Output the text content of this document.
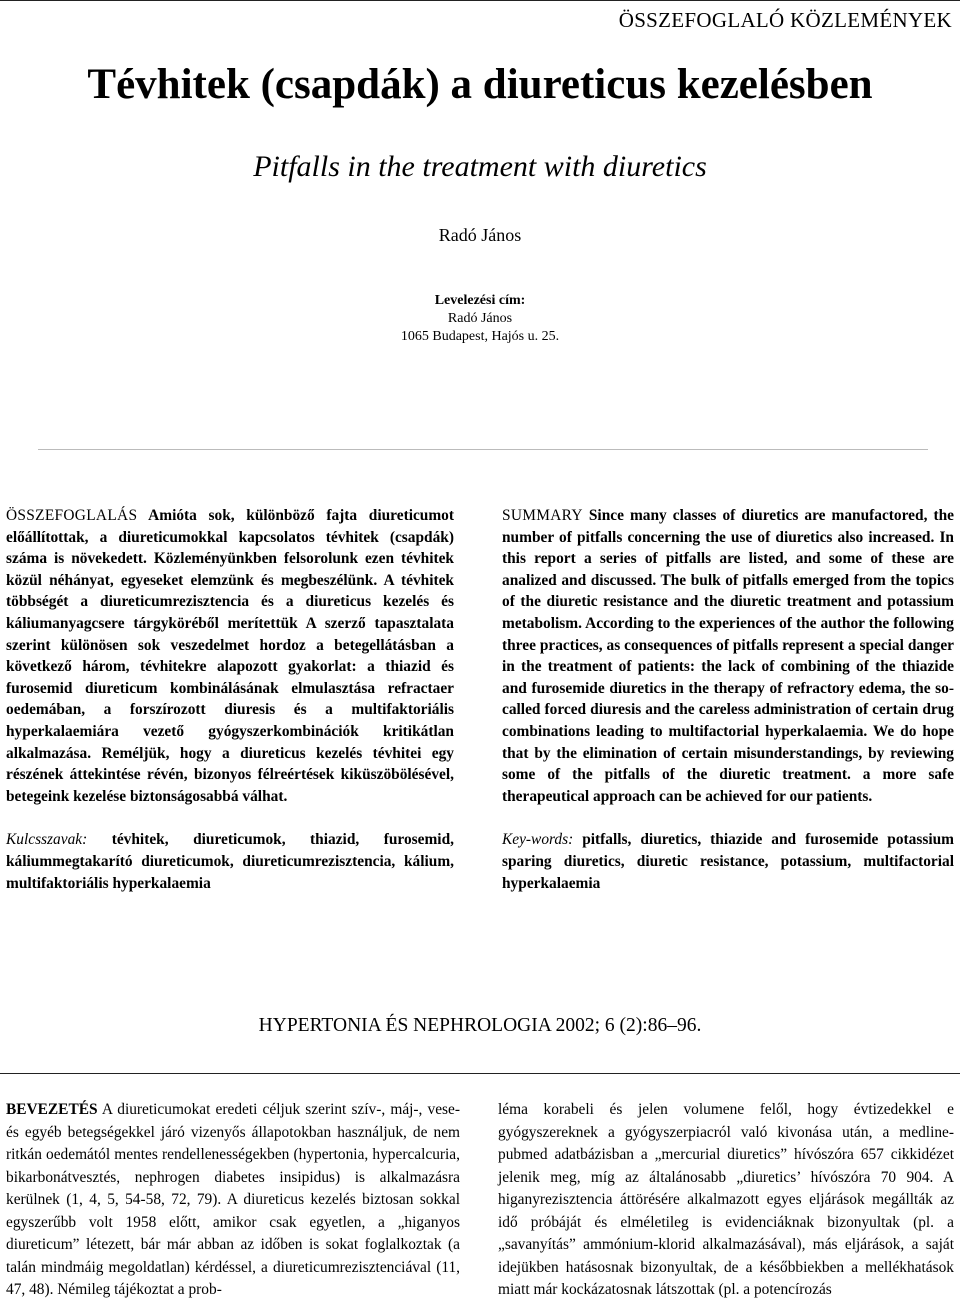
ÖSSZEFOGLALÓ KÖZLEMÉNYEK
Tévhitek (csapdák) a diureticus kezelésben
Pitfalls in the treatment with diuretics
Radó János
Levelezési cím:
Radó János
1065 Budapest, Hajós u. 25.

ÖSSZEFOGLALÁS Amióta sok, különböző fajta diureticumot előállítottak, a diureticumokkal kapcsolatos tévhitek (csapdák) száma is növekedett. Közleményünkben felsorolunk ezen tévhitek közül néhányat, egyeseket elemzünk és megbeszélünk. A tévhitek többségét a diureticumrezisztencia és a diureticus kezelés és káliumanyagcsere tárgyköréből merítettük A szerző tapasztalata szerint különösen sok veszedelmet hordoz a betegellátásban a következő három, tévhitekre alapozott gyakorlat: a thiazid és furosemid diureticum kombinálásának elmulasztása refractaer oedemában, a forszírozott diuresis és a multifaktoriális hyperkalaemiára vezető gyógyszerkombinációk kritikátlan alkalmazása. Reméljük, hogy a diureticus kezelés tévhitei egy részének áttekintése révén, bizonyos félreértések kiküszöbölésével, betegeink kezelése biztonságosabbá válhat.

Kulcsszavak: tévhitek, diureticumok, thiazid, furosemid, káliummegtakarító diureticumok, diureticumrezisztencia, kálium, multifaktoriális hyperkalaemia

SUMMARY Since many classes of diuretics are manufactored, the number of pitfalls concerning the use of diuretics also increased. In this report a series of pitfalls are listed, and some of these are analized and discussed. The bulk of pitfalls emerged from the topics of the diuretic resistance and the diuretic treatment and potassium metabolism. According to the experiences of the author the following three practices, as consequences of pitfalls represent a special danger in the treatment of patients: the lack of combining of the thiazide and furosemide diuretics in the therapy of refractory edema, the so-called forced diuresis and the careless administration of certain drug combinations leading to multifactorial hyperkalaemia. We do hope that by the elimination of certain misunderstandings, by reviewing some of the pitfalls of the diuretic treatment. a more safe therapeutical approach can be achieved for our patients.

Key-words: pitfalls, diuretics, thiazide and furosemide potassium sparing diuretics, diuretic resistance, potassium, multifactorial hyperkalaemia

HYPERTONIA ÉS NEPHROLOGIA 2002; 6 (2):86–96.
BEVEZETÉS A diureticumokat eredeti céljuk szerint szív-, máj-, vese- és egyéb betegségekkel járó vizenyős állapotokban használjuk, de nem ritkán oedemától mentes rendellenességekben (hypertonia, hypercalcuria, bikarbonátvesztés, nephrogen diabetes insipidus) is alkalmazásra kerülnek (1, 4, 5, 54-58, 72, 79). A diureticus kezelés biztosan sokkal egyszerűbb volt 1958 előtt, amikor csak egyetlen, a „higanyos diureticum” létezett, bár már abban az időben is sokat foglalkoztak (a talán mindmáig megoldatlan) kérdéssel, a diureticumrezisztenciával (11, 47, 48). Némileg tájékoztat a prob-
léma korabeli és jelen volumene felől, hogy évtizedekkel e gyógyszereknek a gyógyszerpiacról való kivonása után, a medline-pubmed adatbázisban a „mercurial diuretics” hívószóra 657 cikkidézet jelenik meg, míg az általánosabb „diuretics’ hívószóra 70 904. A higanyrezisztencia áttörésére alkalmazott egyes eljárások megállták az idő próbáját és elméletileg is evidenciáknak bizonyultak (pl. a „savanyítás” ammónium-klorid alkalmazásával), más eljárások, a saját idejükben hatásosnak bizonyultak, de a későbbiekben a mellékhatások miatt már kockázatosnak látszottak (pl. a potencírozás
